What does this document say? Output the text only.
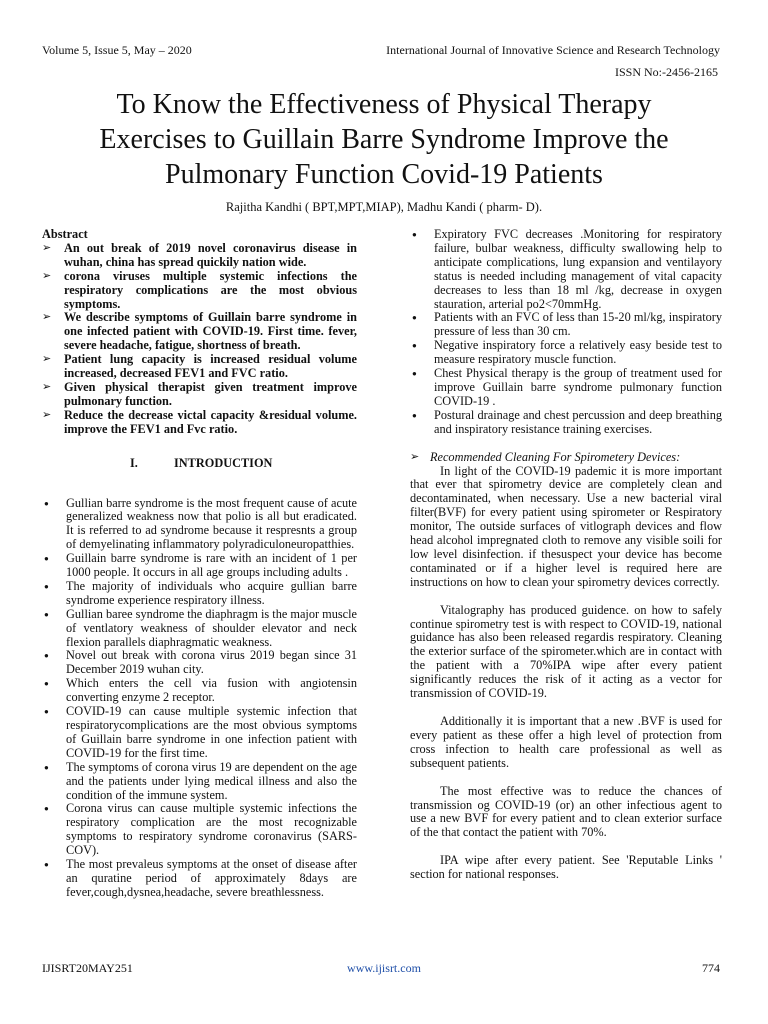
Volume 5, Issue 5, May – 2020	International Journal of Innovative Science and Research Technology
ISSN No:-2456-2165
To Know the Effectiveness of Physical Therapy
Exercises to Guillain Barre Syndrome Improve the
Pulmonary Function Covid-19 Patients
Rajitha Kandhi ( BPT,MPT,MIAP), Madhu Kandi ( pharm- D).
Abstract
➢ An out break of 2019 novel coronavirus disease in wuhan, china has spread quickily nation wide.
➢ corona viruses multiple systemic infections the respiratory complications are the most obvious symptoms.
➢ We describe symptoms of Guillain barre syndrome in one infected patient with COVID-19. First time. fever, severe headache, fatigue, shortness of breath.
➢ Patient lung capacity is increased residual volume increased, decreased FEV1 and FVC ratio.
➢ Given physical therapist given treatment improve pulmonary function.
➢ Reduce the decrease victal capacity &residual volume. improve the FEV1 and Fvc ratio.
I.	INTRODUCTION
● Gullian barre syndrome is the most frequent cause of acute generalized weakness now that polio is all but eradicated. It is referred to ad syndrome because it respresnts a group of demyelinating inflammatory polyradiculoneuropatthies.
● Guillain barre syndrome is rare with an incident of 1 per 1000 people. It occurs in all age groups including adults .
● The majority of individuals who acquire gullian barre syndrome experience respiratory illness.
● Gullian baree syndrome the diaphragm is the major muscle of ventlatory weakness of shoulder elevator and neck flexion parallels diaphragmatic weakness.
● Novel out break with corona virus 2019 began since 31 December 2019 wuhan city.
● Which enters the cell via fusion with angiotensin converting enzyme 2 receptor.
● COVID-19 can cause multiple systemic infection that respiratorycomplications are the most obvious symptoms of Guillain barre syndrome in one infection patient with COVID-19 for the first time.
● The symptoms of corona virus 19 are dependent on the age and the patients under lying medical illness and also the condition of the immune system.
● Corona virus can cause multiple systemic infections the respiratory complication are the most recognizable symptoms to respiratory syndrome coronavirus (SARS-COV).
● The most prevaleus symptoms at the onset of disease after an quratine period of approximately 8days are fever,cough,dysnea,headache, severe breathlessness.
● Expiratory FVC decreases .Monitoring for respiratory failure, bulbar weakness, difficulty swallowing help to anticipate complications, lung expansion and ventilayory status is needed including management of vital capacity decreases to less than 18 ml /kg, decrease in oxygen stauration, arterial po2<70mmHg.
● Patients with an FVC of less than 15-20 ml/kg, inspiratory pressure of less than 30 cm.
● Negative inspiratory force a relatively easy beside test to measure respiratory muscle function.
● Chest Physical therapy is the group of treatment used for improve Guillain barre syndrome pulmonary function COVID-19 .
● Postural drainage and chest percussion and deep breathing and inspiratory resistance training exercises.
➢ Recommended Cleaning For Spirometery Devices:

In light of the COVID-19 pademic it is more important that ever that spirometry device are completely clean and decontaminated, when necessary. Use a new bacterial viral filter(BVF) for every patient using spirometer or Respiratory monitor, The outside surfaces of vitlograph devices and flow head alcohol impregnated cloth to remove any visible soili for low level disinfection. if thesuspect your device has become contaminated or if a higher level is required here are instructions on how to clean your spirometry devices correctly.

Vitalography has produced guidence. on how to safely continue spirometry test is with respect to COVID-19, national guidance has also been released regardis respiratory. Cleaning the exterior surface of the spirometer.which are in contact with the patient with a 70%IPA wipe after every patient significantly reduces the risk of it acting as a vector for transmission of COVID-19.

Additionally it is important that a new .BVF is used for every patient as these offer a high level of protection from cross infection to health care professional as well as subsequent patients.

The most effective was to reduce the chances of transmission og COVID-19 (or) an other infectious agent to use a new BVF for every patient and to clean exterior surface of the that contact the patient with 70%.

IPA wipe after every patient. See 'Reputable Links ' section for national responses.

IJISRT20MAY251	www.ijisrt.com	774
